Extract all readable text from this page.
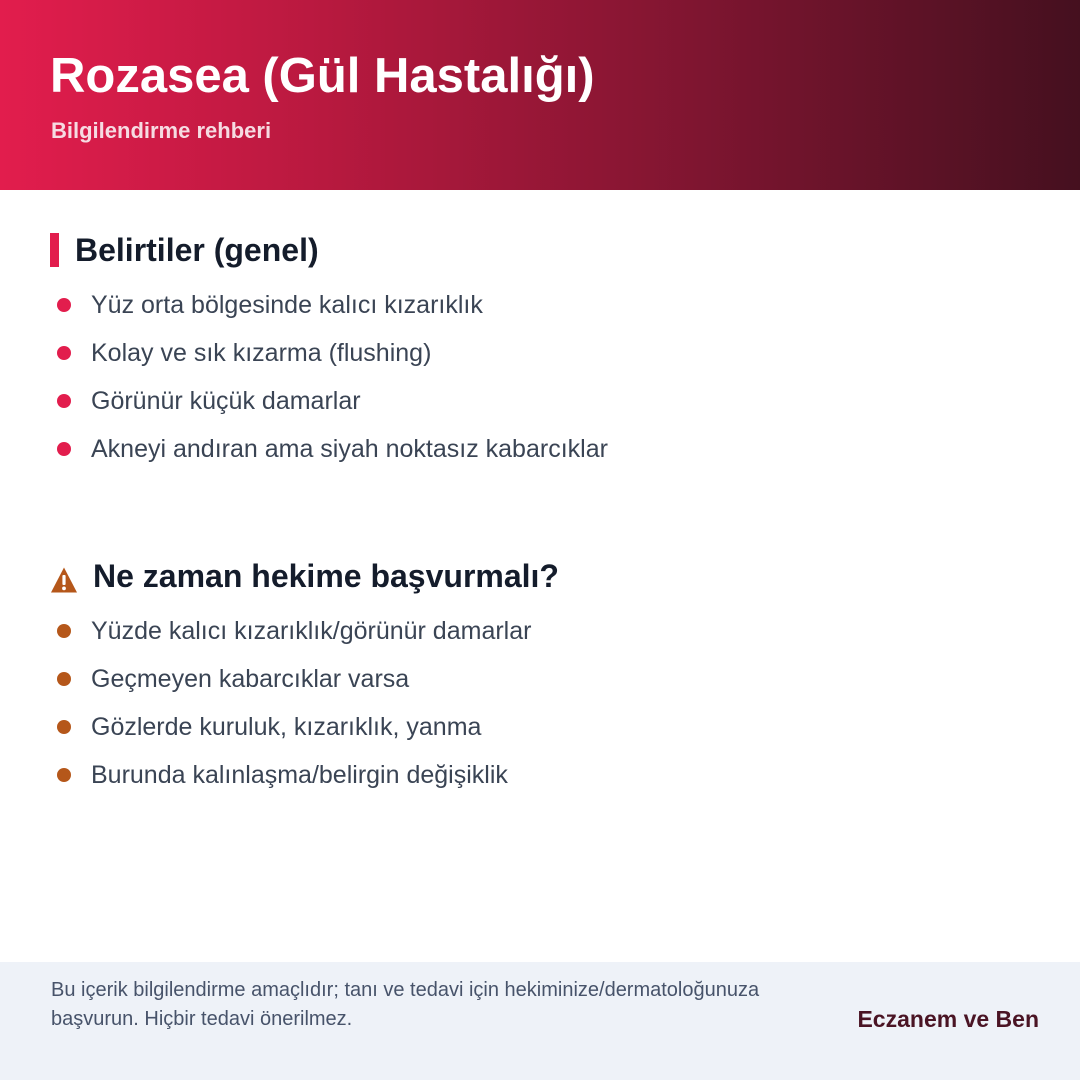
Rozasea (Gül Hastalığı)
Bilgilendirme rehberi
Belirtiler (genel)
Yüz orta bölgesinde kalıcı kızarıklık
Kolay ve sık kızarma (flushing)
Görünür küçük damarlar
Akneyi andıran ama siyah noktasız kabarcıklar
Ne zaman hekime başvurmalı?
Yüzde kalıcı kızarıklık/görünür damarlar
Geçmeyen kabarcıklar varsa
Gözlerde kuruluk, kızarıklık, yanma
Burunda kalınlaşma/belirgin değişiklik
Bu içerik bilgilendirme amaçlıdır; tanı ve tedavi için hekiminize/dermatoloğunuza başvurun. Hiçbir tedavi önerilmez.	Eczanem ve Ben
